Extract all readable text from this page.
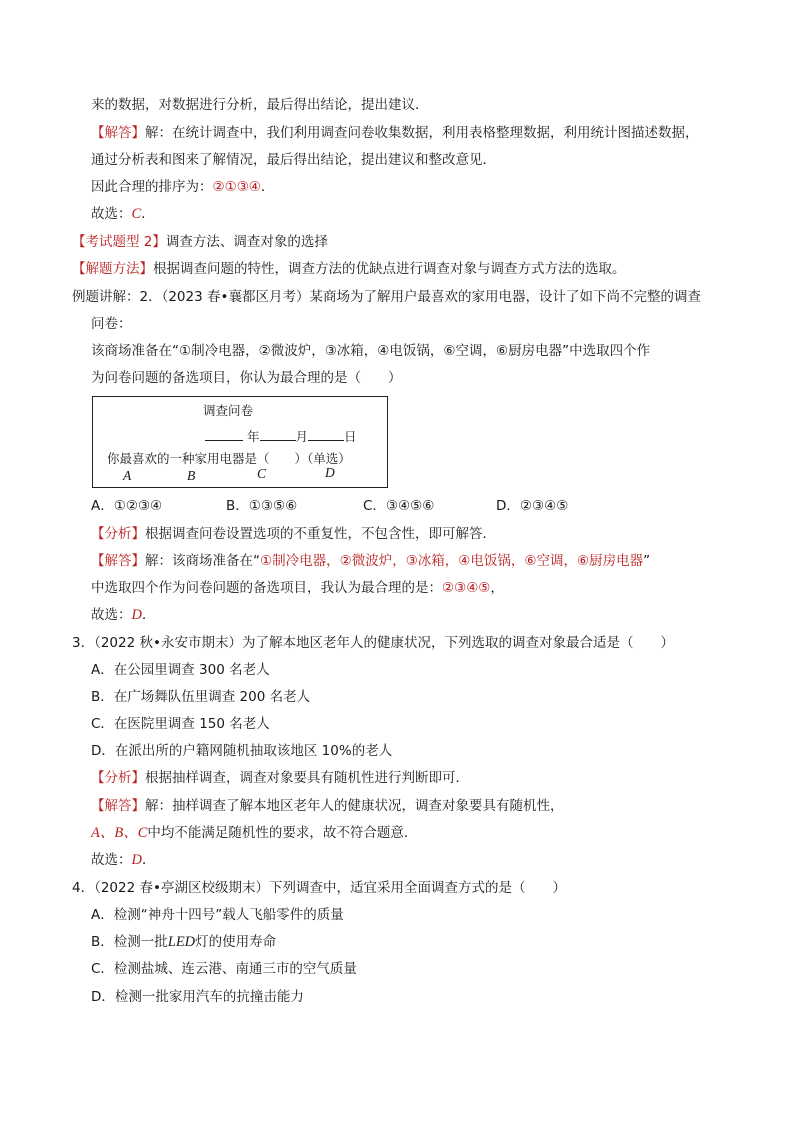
来的数据，对数据进行分析，最后得出结论，提出建议．
【解答】解：在统计调查中，我们利用调查问卷收集数据，利用表格整理数据，利用统计图描述数据，
通过分析表和图来了解情况，最后得出结论，提出建议和整改意见．
因此合理的排序为：②①③④．
故选：C．
【考试题型 2】调查方法、调查对象的选择
【解题方法】根据调查问题的特性，调查方法的优缺点进行调查对象与调查方式方法的选取。
例题讲解：2．（2023 春•襄都区月考）某商场为了解用户最喜欢的家用电器，设计了如下尚不完整的调查
问卷：
该商场准备在“①制冷电器，②微波炉，③冰箱，④电饭锅，⑥空调，⑥厨房电器”中选取四个作
为问卷问题的备选项目，你认为最合理的是（　　）
调查问卷
年	月	日
你最喜欢的一种家用电器是（　　）（单选）
A	B	C	D
A．①②③④	B．①③⑤⑥	C．③④⑤⑥	D．②③④⑤
【分析】根据调查问卷设置选项的不重复性，不包含性，即可解答．
【解答】解：该商场准备在“①制冷电器，②微波炉，③冰箱，④电饭锅，⑥空调，⑥厨房电器”
中选取四个作为问卷问题的备选项目，我认为最合理的是：②③④⑤，
故选：D．
3．（2022 秋•永安市期末）为了解本地区老年人的健康状况，下列选取的调查对象最合适是（　　）
A．在公园里调查 300 名老人
B．在广场舞队伍里调查 200 名老人
C．在医院里调查 150 名老人
D．在派出所的户籍网随机抽取该地区 10%的老人
【分析】根据抽样调查，调查对象要具有随机性进行判断即可．
【解答】解：抽样调查了解本地区老年人的健康状况，调查对象要具有随机性，
A、B、C中均不能满足随机性的要求，故不符合题意．
故选：D．
4．（2022 春•亭湖区校级期末）下列调查中，适宜采用全面调查方式的是（　　）
A．检测“神舟十四号”载人飞船零件的质量
B．检测一批LED灯的使用寿命
C．检测盐城、连云港、南通三市的空气质量
D．检测一批家用汽车的抗撞击能力
